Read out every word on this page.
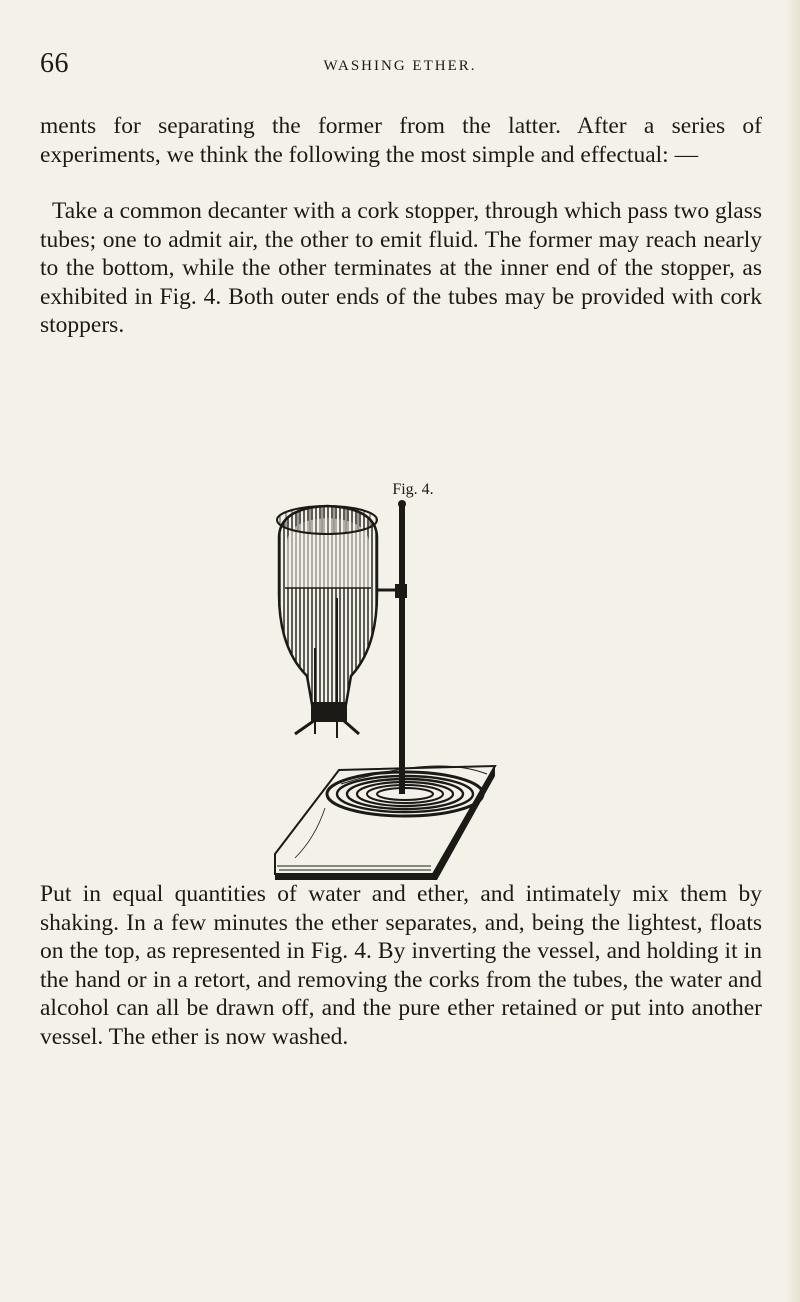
66	WASHING ETHER.

ments for separating the former from the latter. After a series of experiments, we think the following the most simple and effectual: —

Take a common decanter with a cork stopper, through which pass two glass tubes; one to admit air, the other to emit fluid. The former may reach nearly to the bottom, while the other terminates at the inner end of the stopper, as exhibited in Fig. 4. Both outer ends of the tubes may be provided with cork stoppers.

Fig. 4.

Put in equal quantities of water and ether, and intimately mix them by shaking. In a few minutes the ether separates, and, being the lightest, floats on the top, as represented in Fig. 4. By inverting the vessel, and holding it in the hand or in a retort, and removing the corks from the tubes, the water and alcohol can all be drawn off, and the pure ether retained or put into another vessel. The ether is now washed.
